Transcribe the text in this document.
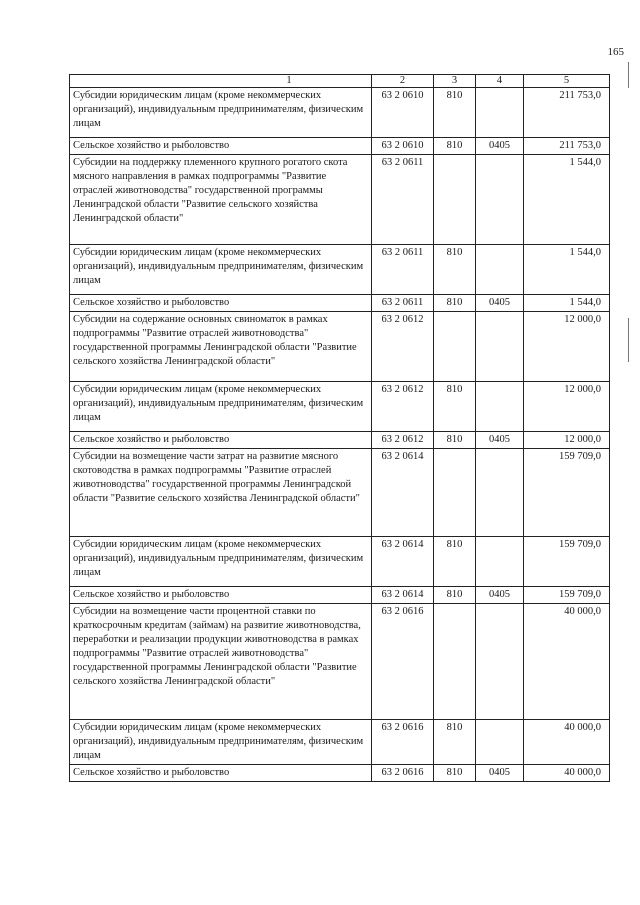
165
1	2	3	4	5
Субсидии юридическим лицам (кроме некоммерческих организаций), индивидуальным предпринимателям, физическим лицам	63 2 0610	810		211 753,0
Сельское хозяйство и рыболовство	63 2 0610	810	0405	211 753,0
Субсидии на поддержку племенного крупного рогатого скота мясного направления в рамках подпрограммы "Развитие отраслей животноводства" государственной программы Ленинградской области "Развитие сельского хозяйства Ленинградской области"	63 2 0611			1 544,0
Субсидии юридическим лицам (кроме некоммерческих организаций), индивидуальным предпринимателям, физическим лицам	63 2 0611	810		1 544,0
Сельское хозяйство и рыболовство	63 2 0611	810	0405	1 544,0
Субсидии на содержание основных свиноматок в рамках подпрограммы "Развитие отраслей животноводства" государственной программы Ленинградской области "Развитие сельского хозяйства Ленинградской области"	63 2 0612			12 000,0
Субсидии юридическим лицам (кроме некоммерческих организаций), индивидуальным предпринимателям, физическим лицам	63 2 0612	810		12 000,0
Сельское хозяйство и рыболовство	63 2 0612	810	0405	12 000,0
Субсидии на возмещение части затрат на развитие мясного скотоводства в рамках подпрограммы "Развитие отраслей животноводства" государственной программы Ленинградской области "Развитие сельского хозяйства Ленинградской области"	63 2 0614			159 709,0
Субсидии юридическим лицам (кроме некоммерческих организаций), индивидуальным предпринимателям, физическим лицам	63 2 0614	810		159 709,0
Сельское хозяйство и рыболовство	63 2 0614	810	0405	159 709,0
Субсидии на возмещение части процентной ставки по краткосрочным кредитам (займам) на развитие животноводства, переработки и реализации продукции животноводства в рамках подпрограммы "Развитие отраслей животноводства" государственной программы Ленинградской области "Развитие сельского хозяйства Ленинградской области"	63 2 0616			40 000,0
Субсидии юридическим лицам (кроме некоммерческих организаций), индивидуальным предпринимателям, физическим лицам	63 2 0616	810		40 000,0
Сельское хозяйство и рыболовство	63 2 0616	810	0405	40 000,0
